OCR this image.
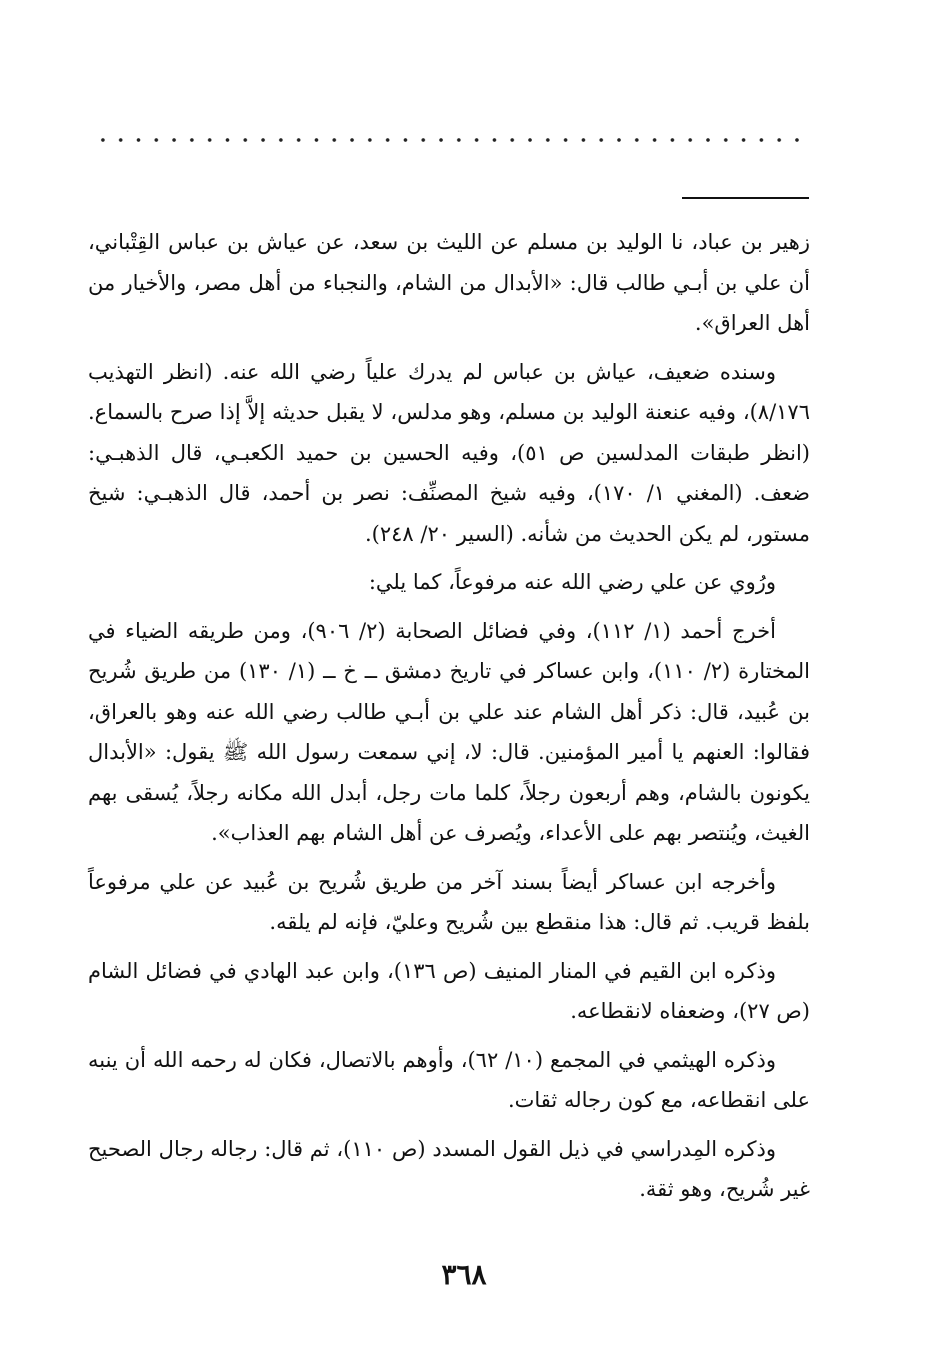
زهير بن عباد، نا الوليد بن مسلم عن الليث بن سعد، عن عياش بن عباس القِتْباني، أن علي بن أبـي طالب قال: «الأبدال من الشام، والنجباء من أهل مصر، والأخيار من أهل العراق».

وسنده ضعيف، عياش بن عباس لم يدرك علياً رضي الله عنه. (انظر التهذيب ٨/١٧٦)، وفيه عنعنة الوليد بن مسلم، وهو مدلس، لا يقبل حديثه إلاَّ إذا صرح بالسماع. (انظر طبقات المدلسين ص ٥١)، وفيه الحسين بن حميد الكعبـي، قال الذهبـي: ضعف. (المغني ١/ ١٧٠)، وفيه شيخ المصنِّف: نصر بن أحمد، قال الذهبـي: شيخ مستور، لم يكن الحديث من شأنه. (السير ٢٠/ ٢٤٨).

ورُوي عن علي رضي الله عنه مرفوعاً، كما يلي:

أخرج أحمد (١/ ١١٢)، وفي فضائل الصحابة (٢/ ٩٠٦)، ومن طريقه الضياء في المختارة (٢/ ١١٠)، وابن عساكر في تاريخ دمشق ــ خ ــ (١/ ١٣٠) من طريق شُريح بن عُبيد، قال: ذكر أهل الشام عند علي بن أبـي طالب رضي الله عنه وهو بالعراق، فقالوا: العنهم يا أمير المؤمنين. قال: لا، إني سمعت رسول الله ﷺ يقول: «الأبدال يكونون بالشام، وهم أربعون رجلاً، كلما مات رجل، أبدل الله مكانه رجلاً، يُسقى بهم الغيث، ويُنتصر بهم على الأعداء، ويُصرف عن أهل الشام بهم العذاب».

وأخرجه ابن عساكر أيضاً بسند آخر من طريق شُريح بن عُبيد عن علي مرفوعاً بلفظ قريب. ثم قال: هذا منقطع بين شُريح وعليّ، فإنه لم يلقه.

وذكره ابن القيم في المنار المنيف (ص ١٣٦)، وابن عبد الهادي في فضائل الشام (ص ٢٧)، وضعفاه لانقطاعه.

وذكره الهيثمي في المجمع (١٠/ ٦٢)، وأوهم بالاتصال، فكان له رحمه الله أن ينبه على انقطاعه، مع كون رجاله ثقات.

وذكره المِدراسي في ذيل القول المسدد (ص ١١٠)، ثم قال: رجاله رجال الصحيح غير شُريح، وهو ثقة.

٣٦٨
